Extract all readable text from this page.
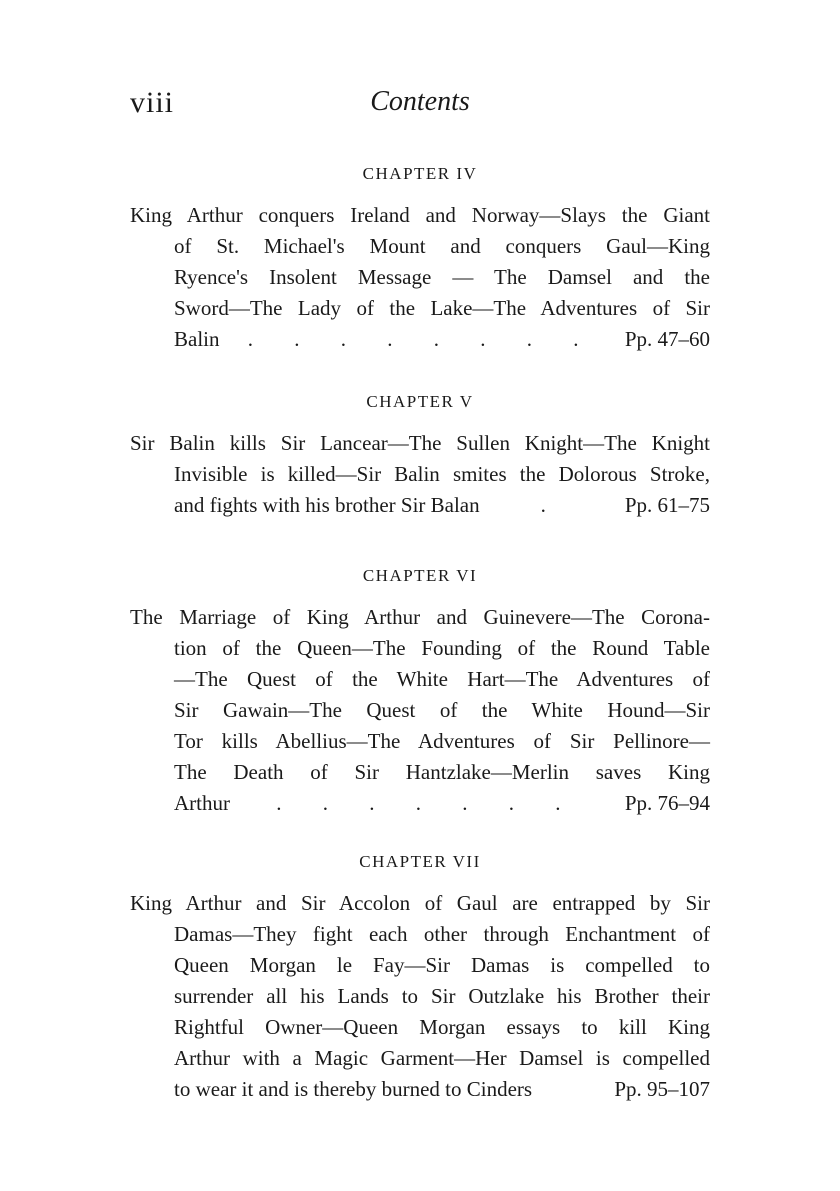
viii	Contents
CHAPTER IV
King Arthur conquers Ireland and Norway—Slays the Giant
of St. Michael's Mount and conquers Gaul—King
Ryence's Insolent Message — The Damsel and the
Sword—The Lady of the Lake—The Adventures of Sir
Balin	. . . . . . . .	Pp. 47–60
CHAPTER V
Sir Balin kills Sir Lancear—The Sullen Knight—The Knight
Invisible is killed—Sir Balin smites the Dolorous Stroke,
and fights with his brother Sir Balan	.	Pp. 61–75
CHAPTER VI
The Marriage of King Arthur and Guinevere—The Corona-
tion of the Queen—The Founding of the Round Table
—The Quest of the White Hart—The Adventures of
Sir Gawain—The Quest of the White Hound—Sir
Tor kills Abellius—The Adventures of Sir Pellinore—
The Death of Sir Hantzlake—Merlin saves King
Arthur	. . . . . . .	Pp. 76–94
CHAPTER VII
King Arthur and Sir Accolon of Gaul are entrapped by Sir
Damas—They fight each other through Enchantment of
Queen Morgan le Fay—Sir Damas is compelled to
surrender all his Lands to Sir Outzlake his Brother their
Rightful Owner—Queen Morgan essays to kill King
Arthur with a Magic Garment—Her Damsel is compelled
to wear it and is thereby burned to Cinders	Pp. 95–107
